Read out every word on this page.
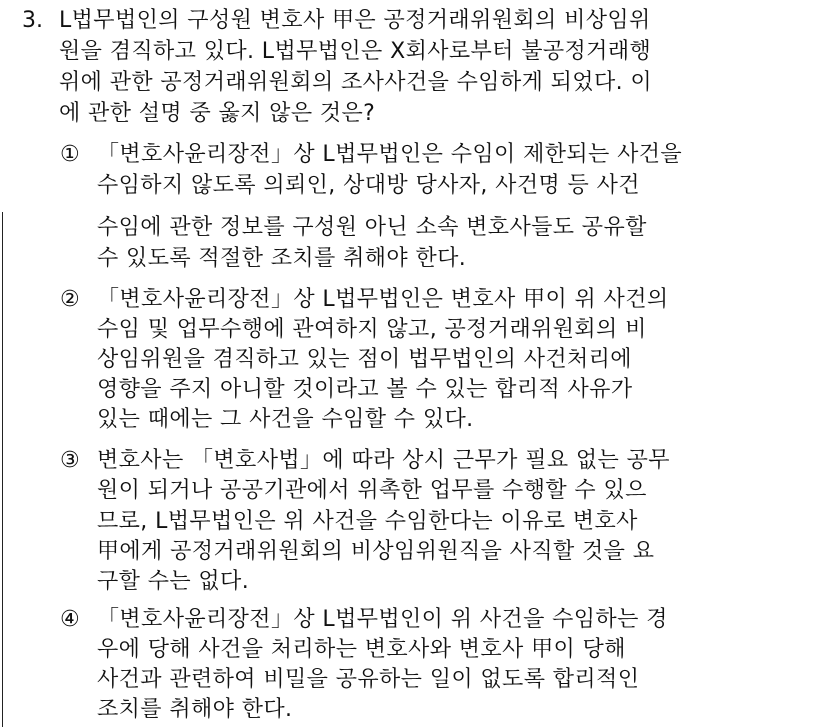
3. L법무법인의 구성원 변호사 甲은 공정거래위원회의 비상임위
원을 겸직하고 있다. L법무법인은 X회사로부터 불공정거래행
위에 관한 공정거래위원회의 조사사건을 수임하게 되었다. 이
에 관한 설명 중 옳지 않은 것은?
① 「변호사윤리장전」상 L법무법인은 수임이 제한되는 사건을
수임하지 않도록 의뢰인, 상대방 당사자, 사건명 등 사건
수임에 관한 정보를 구성원 아닌 소속 변호사들도 공유할
수 있도록 적절한 조치를 취해야 한다.
② 「변호사윤리장전」상 L법무법인은 변호사 甲이 위 사건의
수임 및 업무수행에 관여하지 않고, 공정거래위원회의 비
상임위원을 겸직하고 있는 점이 법무법인의 사건처리에
영향을 주지 아니할 것이라고 볼 수 있는 합리적 사유가
있는 때에는 그 사건을 수임할 수 있다.
③ 변호사는 「변호사법」에 따라 상시 근무가 필요 없는 공무
원이 되거나 공공기관에서 위촉한 업무를 수행할 수 있으
므로, L법무법인은 위 사건을 수임한다는 이유로 변호사
甲에게 공정거래위원회의 비상임위원직을 사직할 것을 요
구할 수는 없다.
④ 「변호사윤리장전」상 L법무법인이 위 사건을 수임하는 경
우에 당해 사건을 처리하는 변호사와 변호사 甲이 당해
사건과 관련하여 비밀을 공유하는 일이 없도록 합리적인
조치를 취해야 한다.
